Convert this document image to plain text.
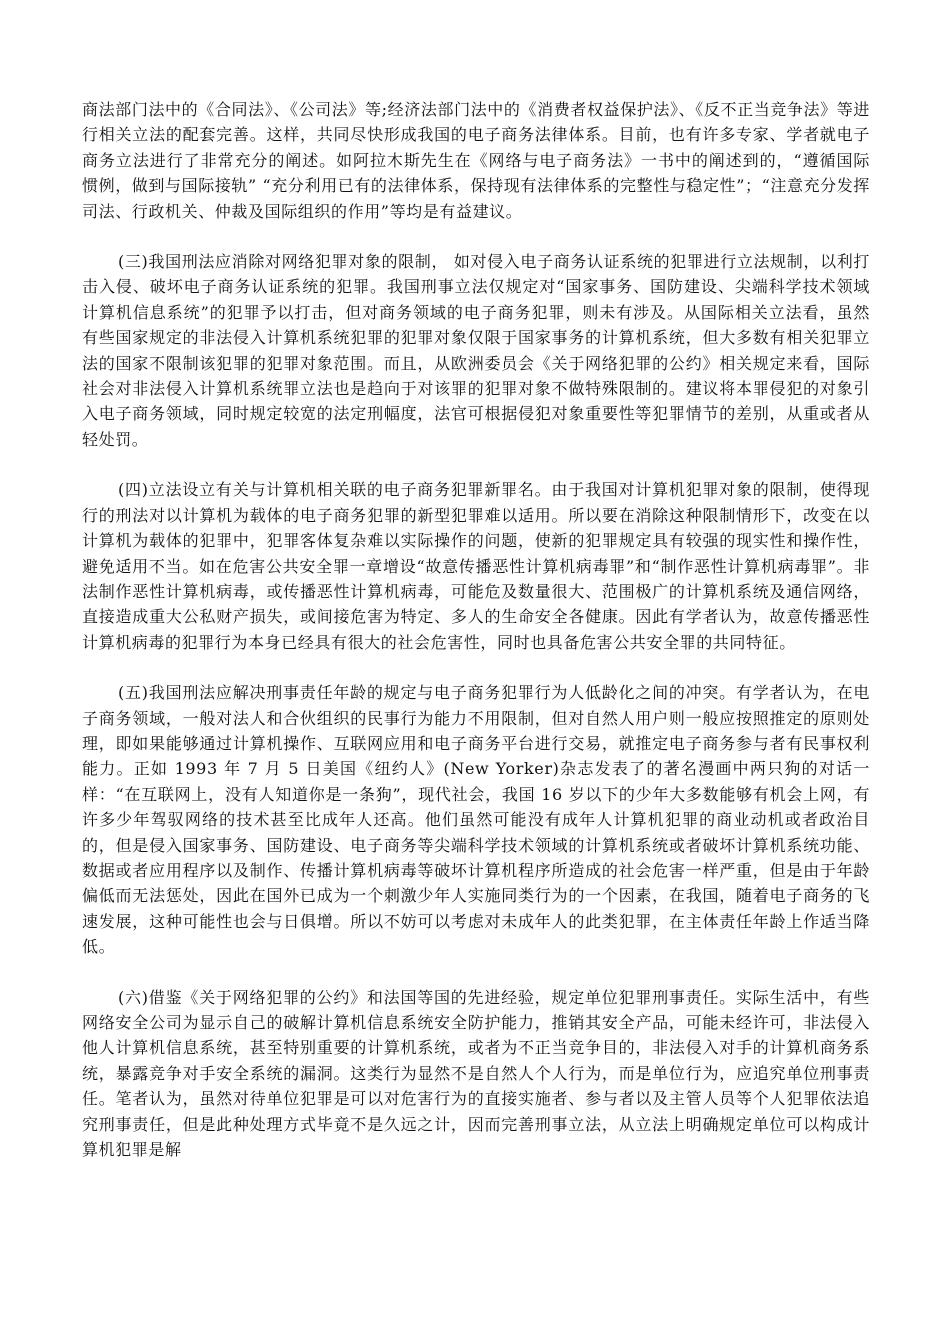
商法部门法中的《合同法》、《公司法》等;经济法部门法中的《消费者权益保护法》、《反不正当竞争法》等进行相关立法的配套完善。这样，共同尽快形成我国的电子商务法律体系。目前，也有许多专家、学者就电子商务立法进行了非常充分的阐述。如阿拉木斯先生在《网络与电子商务法》一书中的阐述到的，“遵循国际惯例，做到与国际接轨” “充分利用已有的法律体系，保持现有法律体系的完整性与稳定性”；“注意充分发挥司法、行政机关、仲裁及国际组织的作用”等均是有益建议。

(三)我国刑法应消除对网络犯罪对象的限制， 如对侵入电子商务认证系统的犯罪进行立法规制，以利打击入侵、破坏电子商务认证系统的犯罪。我国刑事立法仅规定对“国家事务、国防建设、尖端科学技术领域计算机信息系统”的犯罪予以打击，但对商务领域的电子商务犯罪，则未有涉及。从国际相关立法看，虽然有些国家规定的非法侵入计算机系统犯罪的犯罪对象仅限于国家事务的计算机系统，但大多数有相关犯罪立法的国家不限制该犯罪的犯罪对象范围。而且，从欧洲委员会《关于网络犯罪的公约》相关规定来看，国际社会对非法侵入计算机系统罪立法也是趋向于对该罪的犯罪对象不做特殊限制的。建议将本罪侵犯的对象引入电子商务领域，同时规定较宽的法定刑幅度，法官可根据侵犯对象重要性等犯罪情节的差别，从重或者从轻处罚。

(四)立法设立有关与计算机相关联的电子商务犯罪新罪名。由于我国对计算机犯罪对象的限制，使得现行的刑法对以计算机为载体的电子商务犯罪的新型犯罪难以适用。所以要在消除这种限制情形下，改变在以计算机为载体的犯罪中，犯罪客体复杂难以实际操作的问题，使新的犯罪规定具有较强的现实性和操作性，避免适用不当。如在危害公共安全罪一章增设“故意传播恶性计算机病毒罪”和“制作恶性计算机病毒罪”。非法制作恶性计算机病毒，或传播恶性计算机病毒，可能危及数量很大、范围极广的计算机系统及通信网络，直接造成重大公私财产损失，或间接危害为特定、多人的生命安全各健康。因此有学者认为，故意传播恶性计算机病毒的犯罪行为本身已经具有很大的社会危害性，同时也具备危害公共安全罪的共同特征。

(五)我国刑法应解决刑事责任年龄的规定与电子商务犯罪行为人低龄化之间的冲突。有学者认为，在电子商务领域，一般对法人和合伙组织的民事行为能力不用限制，但对自然人用户则一般应按照推定的原则处理，即如果能够通过计算机操作、互联网应用和电子商务平台进行交易，就推定电子商务参与者有民事权利能力。正如 1993 年 7 月 5 日美国《纽约人》(New Yorker)杂志发表了的著名漫画中两只狗的对话一样：“在互联网上，没有人知道你是一条狗”，现代社会，我国 16 岁以下的少年大多数能够有机会上网，有许多少年驾驭网络的技术甚至比成年人还高。他们虽然可能没有成年人计算机犯罪的商业动机或者政治目的，但是侵入国家事务、国防建设、电子商务等尖端科学技术领域的计算机系统或者破坏计算机系统功能、数据或者应用程序以及制作、传播计算机病毒等破坏计算机程序所造成的社会危害一样严重，但是由于年龄偏低而无法惩处，因此在国外已成为一个刺激少年人实施同类行为的一个因素，在我国，随着电子商务的飞速发展，这种可能性也会与日俱增。所以不妨可以考虑对未成年人的此类犯罪，在主体责任年龄上作适当降低。

(六)借鉴《关于网络犯罪的公约》和法国等国的先进经验，规定单位犯罪刑事责任。实际生活中，有些网络安全公司为显示自己的破解计算机信息系统安全防护能力，推销其安全产品，可能未经许可，非法侵入他人计算机信息系统，甚至特别重要的计算机系统，或者为不正当竞争目的，非法侵入对手的计算机商务系统，暴露竞争对手安全系统的漏洞。这类行为显然不是自然人个人行为，而是单位行为，应追究单位刑事责任。笔者认为，虽然对待单位犯罪是可以对危害行为的直接实施者、参与者以及主管人员等个人犯罪依法追究刑事责任，但是此种处理方式毕竟不是久远之计，因而完善刑事立法，从立法上明确规定单位可以构成计算机犯罪是解
